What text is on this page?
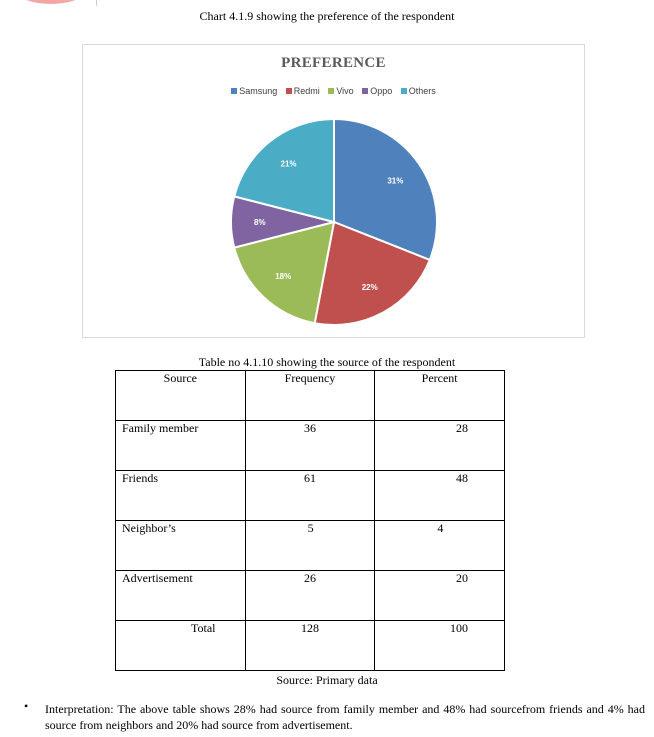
Chart 4.1.9 showing the preference of the respondent
PREFERENCE
Samsung Redmi Vivo Oppo Others
31%
22%
18%
8%
21%
Table no 4.1.10 showing the source of the respondent
Source	Frequency	Percent
Family member	36	28
Friends	61	48
Neighbor’s	5	4
Advertisement	26	20
Total	128	100
Source: Primary data
• Interpretation: The above table shows 28% had source from family member and 48% had sourcefrom friends and 4% had source from neighbors and 20% had source from advertisement.
